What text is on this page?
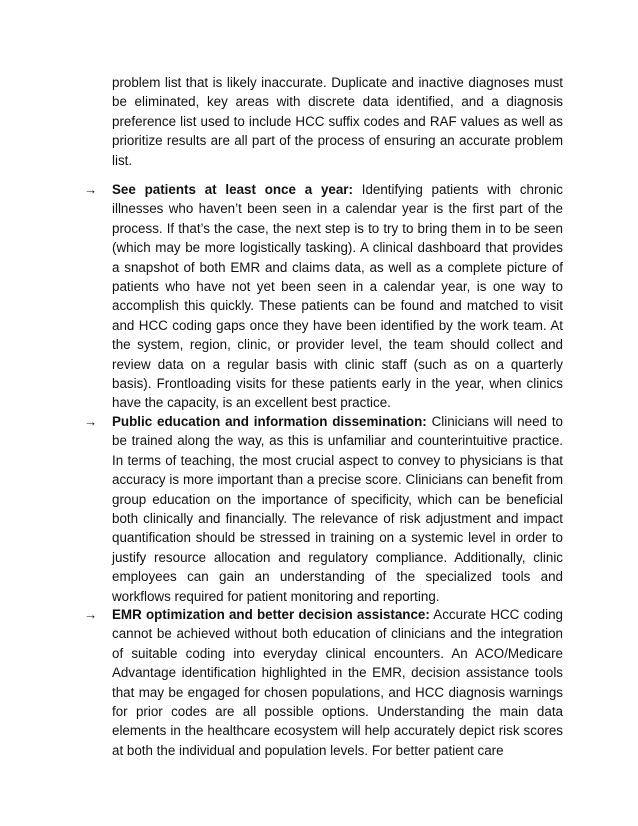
problem list that is likely inaccurate. Duplicate and inactive diagnoses must be eliminated, key areas with discrete data identified, and a diagnosis preference list used to include HCC suffix codes and RAF values as well as prioritize results are all part of the process of ensuring an accurate problem list.

→	See patients at least once a year: Identifying patients with chronic illnesses who haven’t been seen in a calendar year is the first part of the process. If that’s the case, the next step is to try to bring them in to be seen (which may be more logistically tasking). A clinical dashboard that provides a snapshot of both EMR and claims data, as well as a complete picture of patients who have not yet been seen in a calendar year, is one way to accomplish this quickly. These patients can be found and matched to visit and HCC coding gaps once they have been identified by the work team. At the system, region, clinic, or provider level, the team should collect and review data on a regular basis with clinic staff (such as on a quarterly basis). Frontloading visits for these patients early in the year, when clinics have the capacity, is an excellent best practice.
→	Public education and information dissemination: Clinicians will need to be trained along the way, as this is unfamiliar and counterintuitive practice. In terms of teaching, the most crucial aspect to convey to physicians is that accuracy is more important than a precise score. Clinicians can benefit from group education on the importance of specificity, which can be beneficial both clinically and financially. The relevance of risk adjustment and impact quantification should be stressed in training on a systemic level in order to justify resource allocation and regulatory compliance. Additionally, clinic employees can gain an understanding of the specialized tools and workflows required for patient monitoring and reporting.
→	EMR optimization and better decision assistance: Accurate HCC coding cannot be achieved without both education of clinicians and the integration of suitable coding into everyday clinical encounters. An ACO/Medicare Advantage identification highlighted in the EMR, decision assistance tools that may be engaged for chosen populations, and HCC diagnosis warnings for prior codes are all possible options. Understanding the main data elements in the healthcare ecosystem will help accurately depict risk scores at both the individual and population levels. For better patient care
